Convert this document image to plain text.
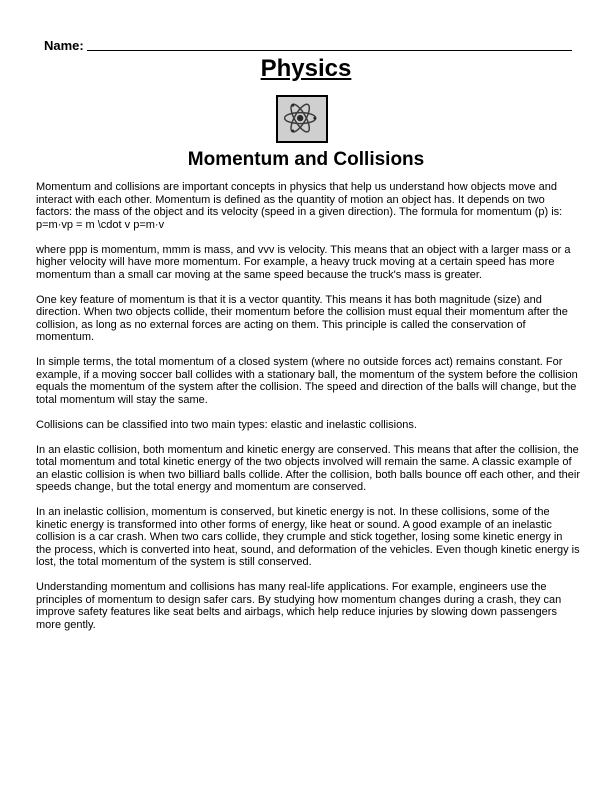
Name:
Physics
Momentum and Collisions

Momentum and collisions are important concepts in physics that help us understand how objects move and interact with each other. Momentum is defined as the quantity of motion an object has. It depends on two factors: the mass of the object and its velocity (speed in a given direction). The formula for momentum (p) is:
p=m·vp = m \cdot v p=m·v

where ppp is momentum, mmm is mass, and vvv is velocity. This means that an object with a larger mass or a higher velocity will have more momentum. For example, a heavy truck moving at a certain speed has more momentum than a small car moving at the same speed because the truck's mass is greater.

One key feature of momentum is that it is a vector quantity. This means it has both magnitude (size) and direction. When two objects collide, their momentum before the collision must equal their momentum after the collision, as long as no external forces are acting on them. This principle is called the conservation of momentum.

In simple terms, the total momentum of a closed system (where no outside forces act) remains constant. For example, if a moving soccer ball collides with a stationary ball, the momentum of the system before the collision equals the momentum of the system after the collision. The speed and direction of the balls will change, but the total momentum will stay the same.

Collisions can be classified into two main types: elastic and inelastic collisions.

In an elastic collision, both momentum and kinetic energy are conserved. This means that after the collision, the total momentum and total kinetic energy of the two objects involved will remain the same. A classic example of an elastic collision is when two billiard balls collide. After the collision, both balls bounce off each other, and their speeds change, but the total energy and momentum are conserved.

In an inelastic collision, momentum is conserved, but kinetic energy is not. In these collisions, some of the kinetic energy is transformed into other forms of energy, like heat or sound. A good example of an inelastic collision is a car crash. When two cars collide, they crumple and stick together, losing some kinetic energy in the process, which is converted into heat, sound, and deformation of the vehicles. Even though kinetic energy is lost, the total momentum of the system is still conserved.

Understanding momentum and collisions has many real-life applications. For example, engineers use the principles of momentum to design safer cars. By studying how momentum changes during a crash, they can improve safety features like seat belts and airbags, which help reduce injuries by slowing down passengers more gently.
